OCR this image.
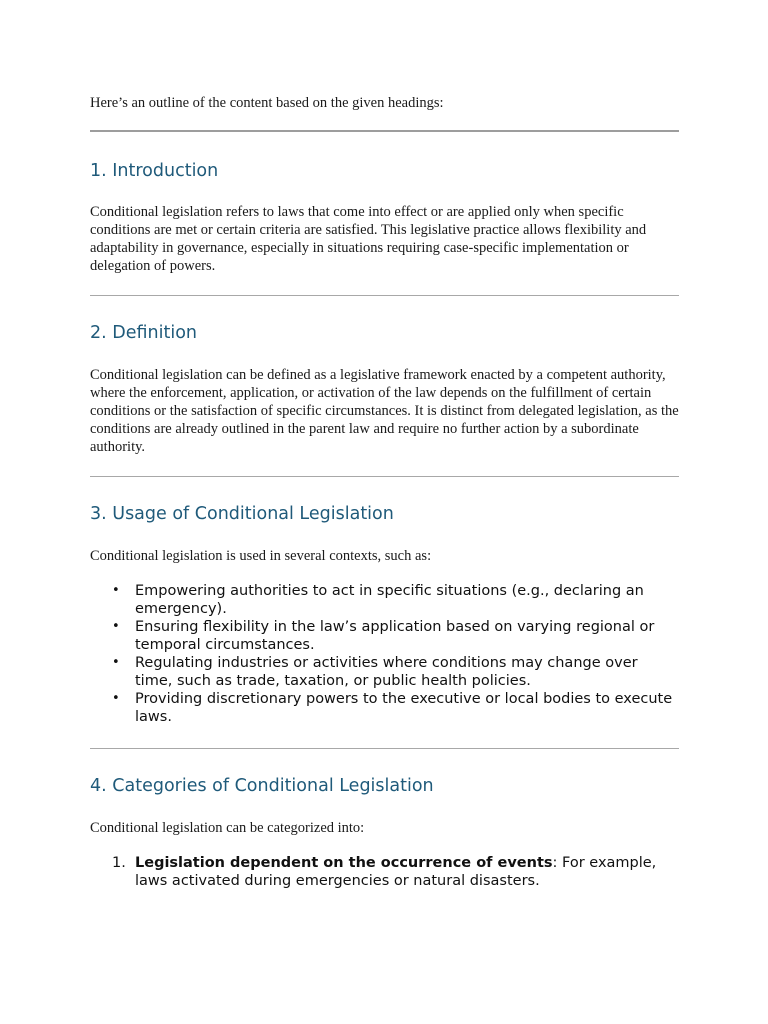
Here’s an outline of the content based on the given headings:
1. Introduction

Conditional legislation refers to laws that come into effect or are applied only when specific conditions are met or certain criteria are satisfied. This legislative practice allows flexibility and adaptability in governance, especially in situations requiring case-specific implementation or delegation of powers.

2. Definition

Conditional legislation can be defined as a legislative framework enacted by a competent authority, where the enforcement, application, or activation of the law depends on the fulfillment of certain conditions or the satisfaction of specific circumstances. It is distinct from delegated legislation, as the conditions are already outlined in the parent law and require no further action by a subordinate authority.

3. Usage of Conditional Legislation

Conditional legislation is used in several contexts, such as:

• Empowering authorities to act in specific situations (e.g., declaring an emergency).
• Ensuring flexibility in the law’s application based on varying regional or temporal circumstances.
• Regulating industries or activities where conditions may change over time, such as trade, taxation, or public health policies.
• Providing discretionary powers to the executive or local bodies to execute laws.
4. Categories of Conditional Legislation

Conditional legislation can be categorized into:

1. Legislation dependent on the occurrence of events: For example, laws activated during emergencies or natural disasters.
